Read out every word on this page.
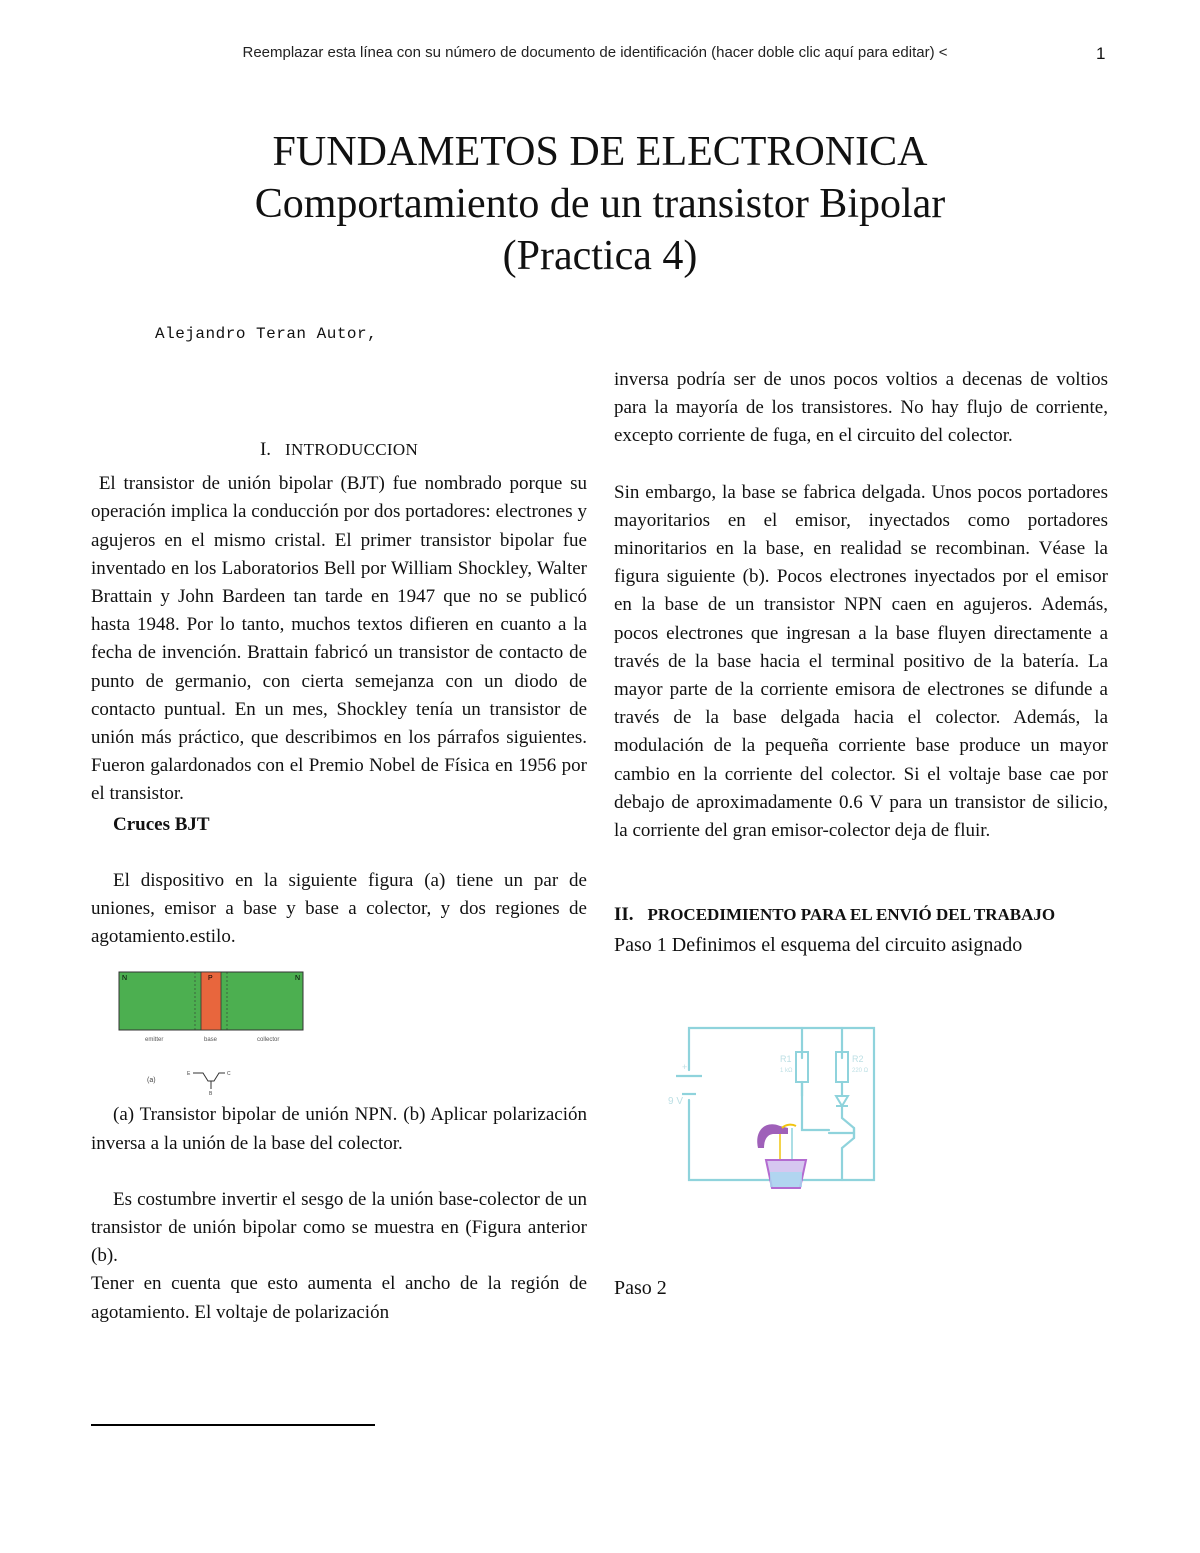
Reemplazar esta línea con su número de documento de identificación (hacer doble clic aquí para editar) <	1
FUNDAMETOS DE ELECTRONICA
Comportamiento de un transistor Bipolar
(Practica 4)
Alejandro Teran Autor,
I. INTRODUCCION

El transistor de unión bipolar (BJT) fue nombrado porque su operación implica la conducción por dos portadores: electrones y agujeros en el mismo cristal. El primer transistor bipolar fue inventado en los Laboratorios Bell por William Shockley, Walter Brattain y John Bardeen tan tarde en 1947 que no se publicó hasta 1948. Por lo tanto, muchos textos difieren en cuanto a la fecha de invención. Brattain fabricó un transistor de contacto de punto de germanio, con cierta semejanza con un diodo de contacto puntual. En un mes, Shockley tenía un transistor de unión más práctico, que describimos en los párrafos siguientes. Fueron galardonados con el Premio Nobel de Física en 1956 por el transistor.

Cruces BJT

El dispositivo en la siguiente figura (a) tiene un par de uniones, emisor a base y base a colector, y dos regiones de agotamiento.estilo.

N	P	N
emitter	base	collector
(a)
E	C
B

(a) Transistor bipolar de unión NPN. (b) Aplicar polarización inversa a la unión de la base del colector.

Es costumbre invertir el sesgo de la unión base-colector de un transistor de unión bipolar como se muestra en (Figura anterior (b).

Tener en cuenta que esto aumenta el ancho de la región de agotamiento. El voltaje de polarización

inversa podría ser de unos pocos voltios a decenas de voltios para la mayoría de los transistores. No hay flujo de corriente, excepto corriente de fuga, en el circuito del colector.

Sin embargo, la base se fabrica delgada. Unos pocos portadores mayoritarios en el emisor, inyectados como portadores minoritarios en la base, en realidad se recombinan. Véase la figura siguiente (b). Pocos electrones inyectados por el emisor en la base de un transistor NPN caen en agujeros. Además, pocos electrones que ingresan a la base fluyen directamente a través de la base hacia el terminal positivo de la batería. La mayor parte de la corriente emisora de electrones se difunde a través de la base delgada hacia el colector. Además, la modulación de la pequeña corriente base produce un mayor cambio en la corriente del colector. Si el voltaje base cae por debajo de aproximadamente 0.6 V para un transistor de silicio, la corriente del gran emisor-colector deja de fluir.

II. PROCEDIMIENTO PARA EL ENVIÓ DEL TRABAJO

Paso 1 Definimos el esquema del circuito asignado

9 V
+
R1
1 kΩ
R2
220 Ω

Paso 2
